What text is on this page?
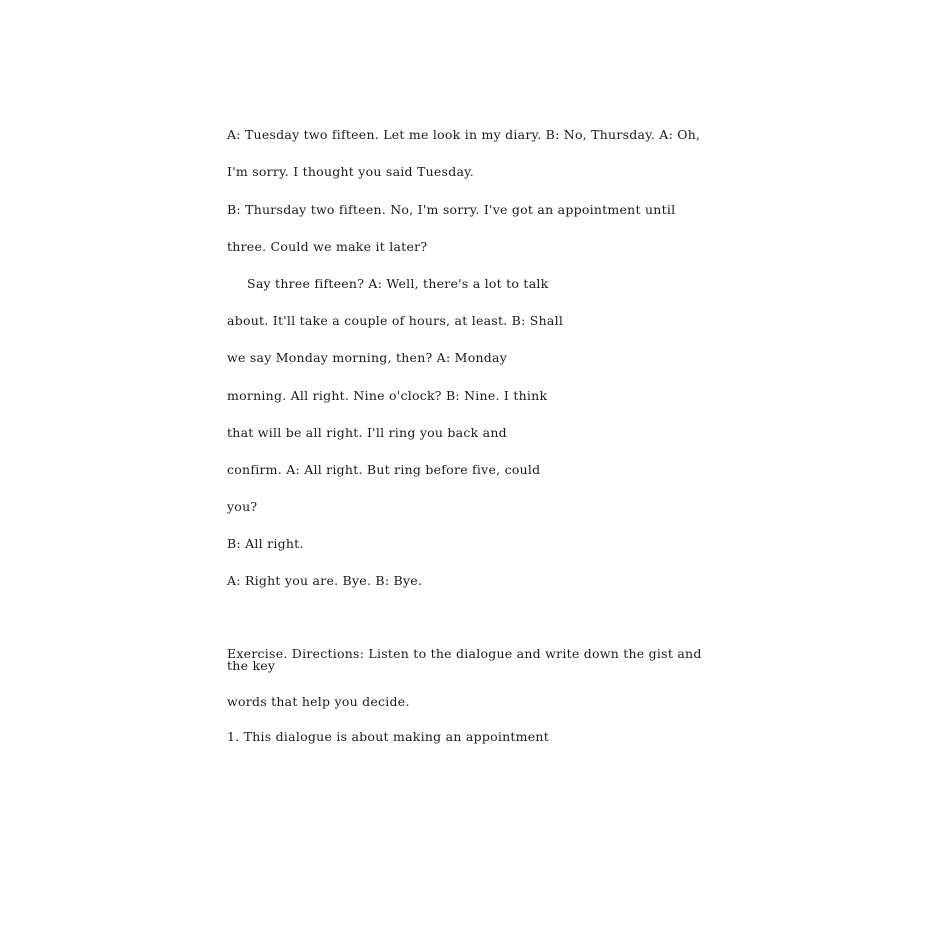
A: Tuesday two fifteen. Let me look in my diary. B: No, Thursday. A: Oh,

I'm sorry. I thought you said Tuesday.

B: Thursday two fifteen. No, I'm sorry. I've got an appointment until

three. Could we make it later?

Say three fifteen? A: Well, there's a lot to talk

about. It'll take a couple of hours, at least. B: Shall

we say Monday morning, then? A: Monday

morning. All right. Nine o'clock? B: Nine. I think

that will be all right. I'll ring you back and

confirm. A: All right. But ring before five, could

you?

B: All right.

A: Right you are. Bye. B: Bye.

Exercise. Directions: Listen to the dialogue and write down the gist and the key

words that help you decide.

1. This dialogue is about making an appointment
